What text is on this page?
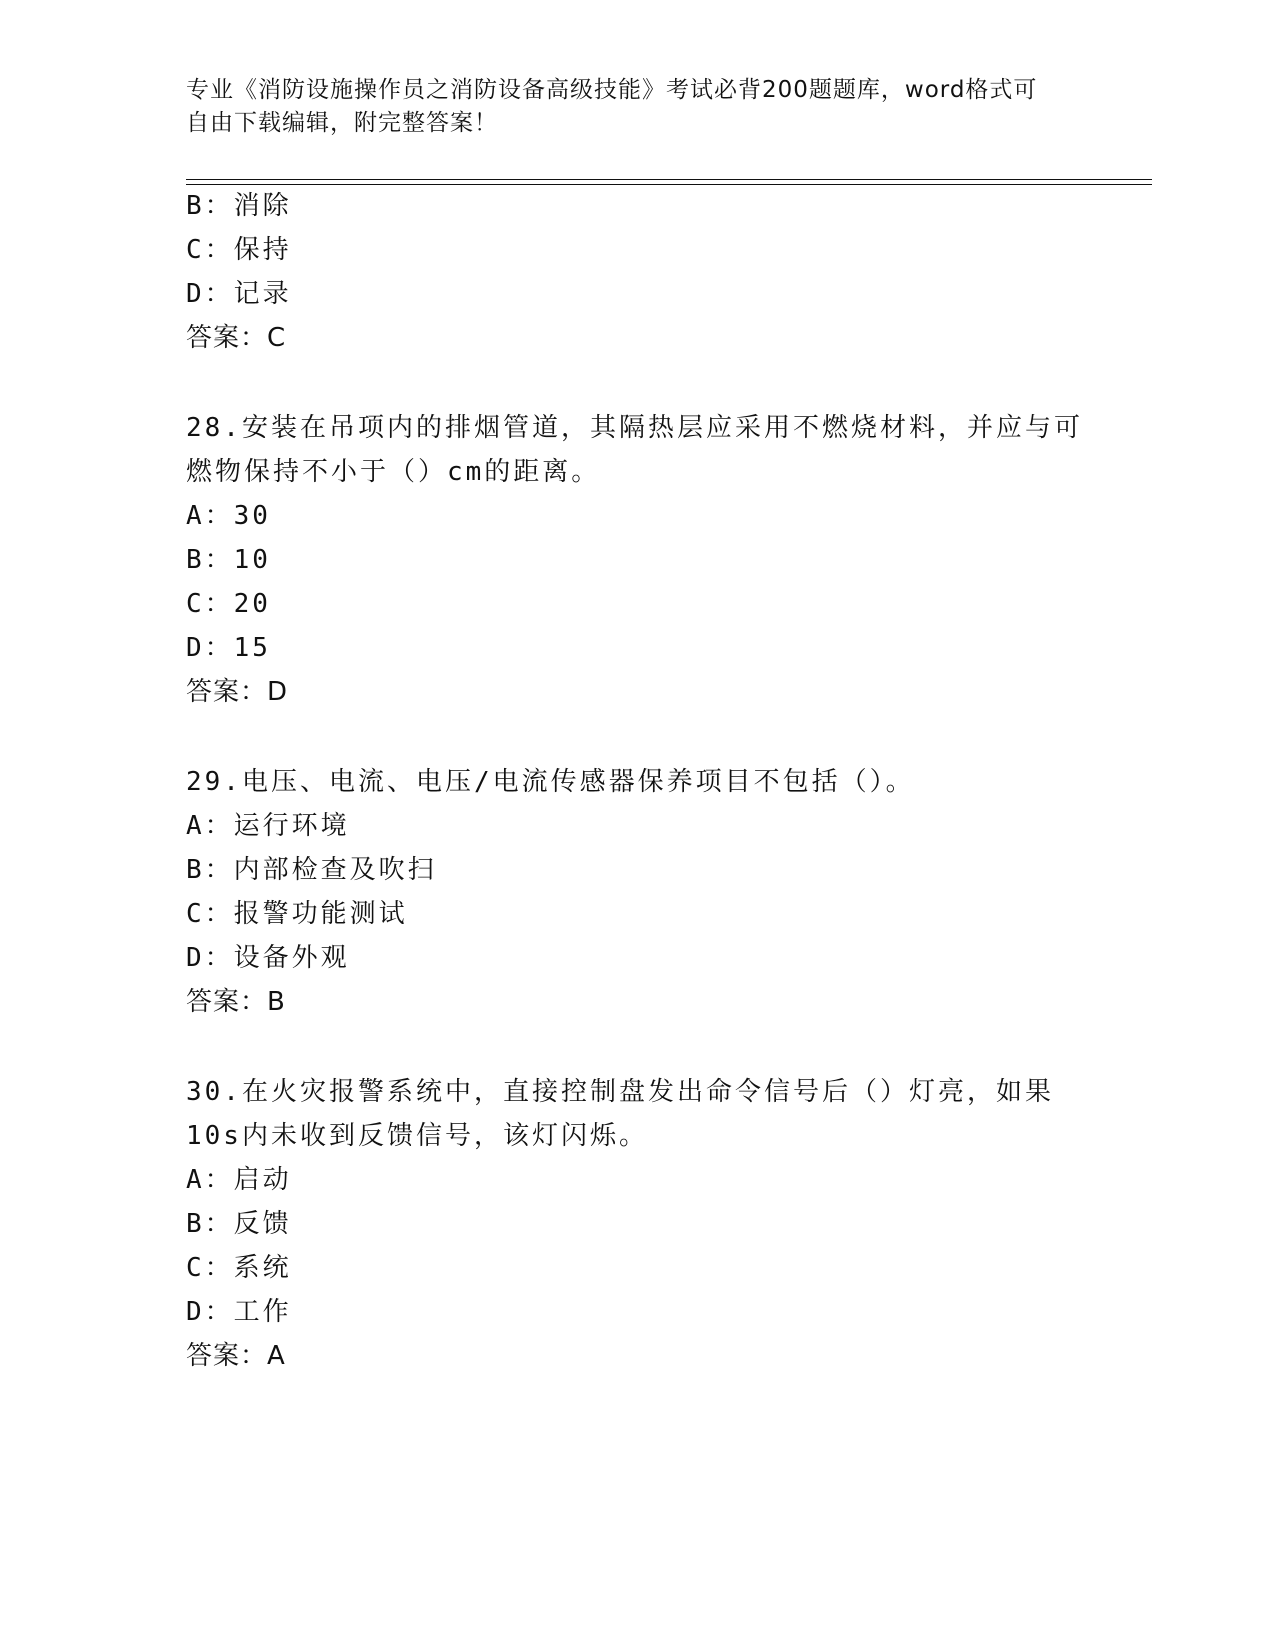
专业《消防设施操作员之消防设备高级技能》考试必背200题题库，word格式可
自由下载编辑，附完整答案！
B：消除
C：保持
D：记录
答案：C
28.安装在吊项内的排烟管道，其隔热层应采用不燃烧材料，并应与可
燃物保持不小于（）cm的距离。
A：30
B：10
C：20
D：15
答案：D
29.电压、电流、电压/电流传感器保养项目不包括（）。
A：运行环境
B：内部检查及吹扫
C：报警功能测试
D：设备外观
答案：B
30.在火灾报警系统中，直接控制盘发出命令信号后（）灯亮，如果
10s内未收到反馈信号，该灯闪烁。
A：启动
B：反馈
C：系统
D：工作
答案：A
